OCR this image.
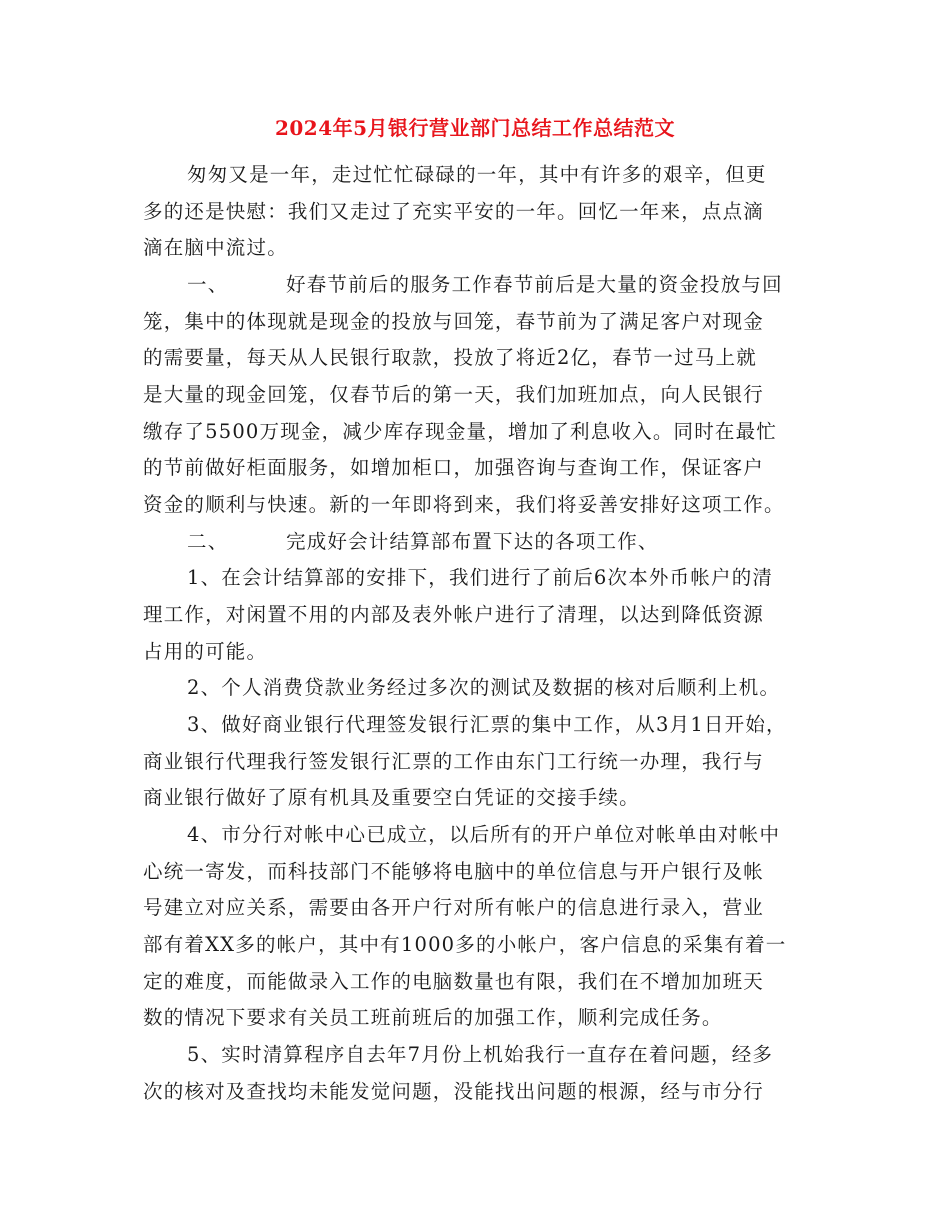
2024年5月银行营业部门总结工作总结范文
匆匆又是一年，走过忙忙碌碌的一年，其中有许多的艰辛，但更
多的还是快慰：我们又走过了充实平安的一年。回忆一年来，点点滴
滴在脑中流过。
一、	好春节前后的服务工作春节前后是大量的资金投放与回
笼，集中的体现就是现金的投放与回笼，春节前为了满足客户对现金
的需要量，每天从人民银行取款，投放了将近2亿，春节一过马上就
是大量的现金回笼，仅春节后的第一天，我们加班加点，向人民银行
缴存了5500万现金，减少库存现金量，增加了利息收入。同时在最忙
的节前做好柜面服务，如增加柜口，加强咨询与查询工作，保证客户
资金的顺利与快速。新的一年即将到来，我们将妥善安排好这项工作。
二、	完成好会计结算部布置下达的各项工作、
1、在会计结算部的安排下，我们进行了前后6次本外币帐户的清
理工作，对闲置不用的内部及表外帐户进行了清理，以达到降低资源
占用的可能。
2、个人消费贷款业务经过多次的测试及数据的核对后顺利上机。
3、做好商业银行代理签发银行汇票的集中工作，从3月1日开始，
商业银行代理我行签发银行汇票的工作由东门工行统一办理，我行与
商业银行做好了原有机具及重要空白凭证的交接手续。
4、市分行对帐中心已成立，以后所有的开户单位对帐单由对帐中
心统一寄发，而科技部门不能够将电脑中的单位信息与开户银行及帐
号建立对应关系，需要由各开户行对所有帐户的信息进行录入，营业
部有着XX多的帐户，其中有1000多的小帐户，客户信息的采集有着一
定的难度，而能做录入工作的电脑数量也有限，我们在不增加加班天
数的情况下要求有关员工班前班后的加强工作，顺利完成任务。
5、实时清算程序自去年7月份上机始我行一直存在着问题，经多
次的核对及查找均未能发觉问题，没能找出问题的根源，经与市分行
